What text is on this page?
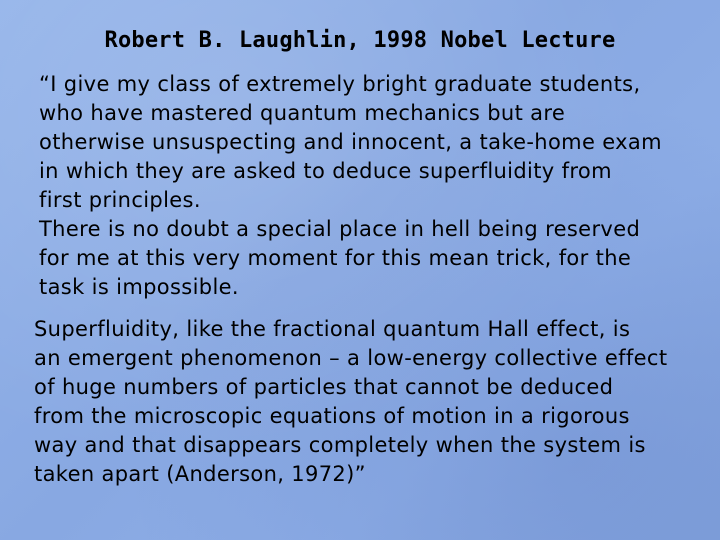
Robert B. Laughlin, 1998 Nobel Lecture
“I give my class of extremely bright graduate students,
who have mastered quantum mechanics but are
otherwise unsuspecting and innocent, a take-home exam
in which they are asked to deduce superfluidity from
first principles.
There is no doubt a special place in hell being reserved
for me at this very moment for this mean trick, for the
task is impossible.
Superfluidity, like the fractional quantum Hall effect, is
an emergent phenomenon – a low-energy collective effect
of huge numbers of particles that cannot be deduced
from the microscopic equations of motion in a rigorous
way and that disappears completely when the system is
taken apart (Anderson, 1972)”
